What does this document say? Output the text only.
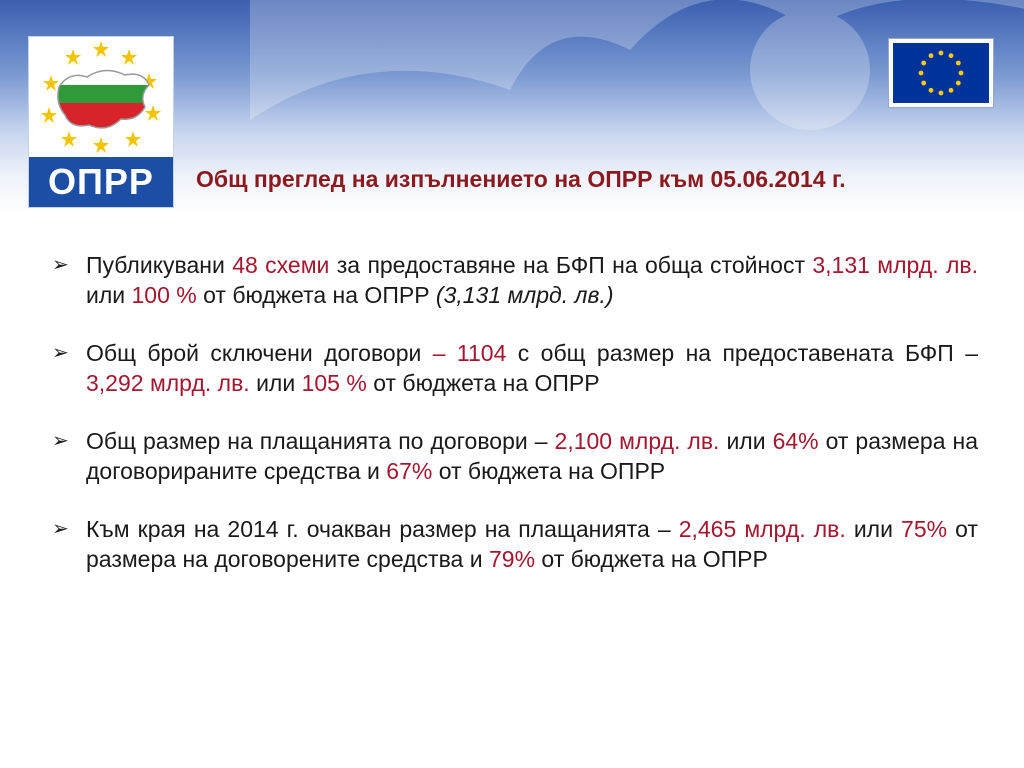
ОПРР	Общ преглед на изпълнението на ОПРР към 05.06.2014 г.
➢ Публикувани 48 схеми за предоставяне на БФП на обща стойност 3,131 млрд. лв. или 100 % от бюджета на ОПРР (3,131 млрд. лв.)
➢ Общ брой сключени договори – 1104 с общ размер на предоставената БФП – 3,292 млрд. лв. или 105 % от бюджета на ОПРР
➢ Общ размер на плащанията по договори – 2,100 млрд. лв. или 64% от размера на договорираните средства и 67% от бюджета на ОПРР
➢ Към края на 2014 г. очакван размер на плащанията – 2,465 млрд. лв. или 75% от размера на договорените средства и 79% от бюджета на ОПРР
